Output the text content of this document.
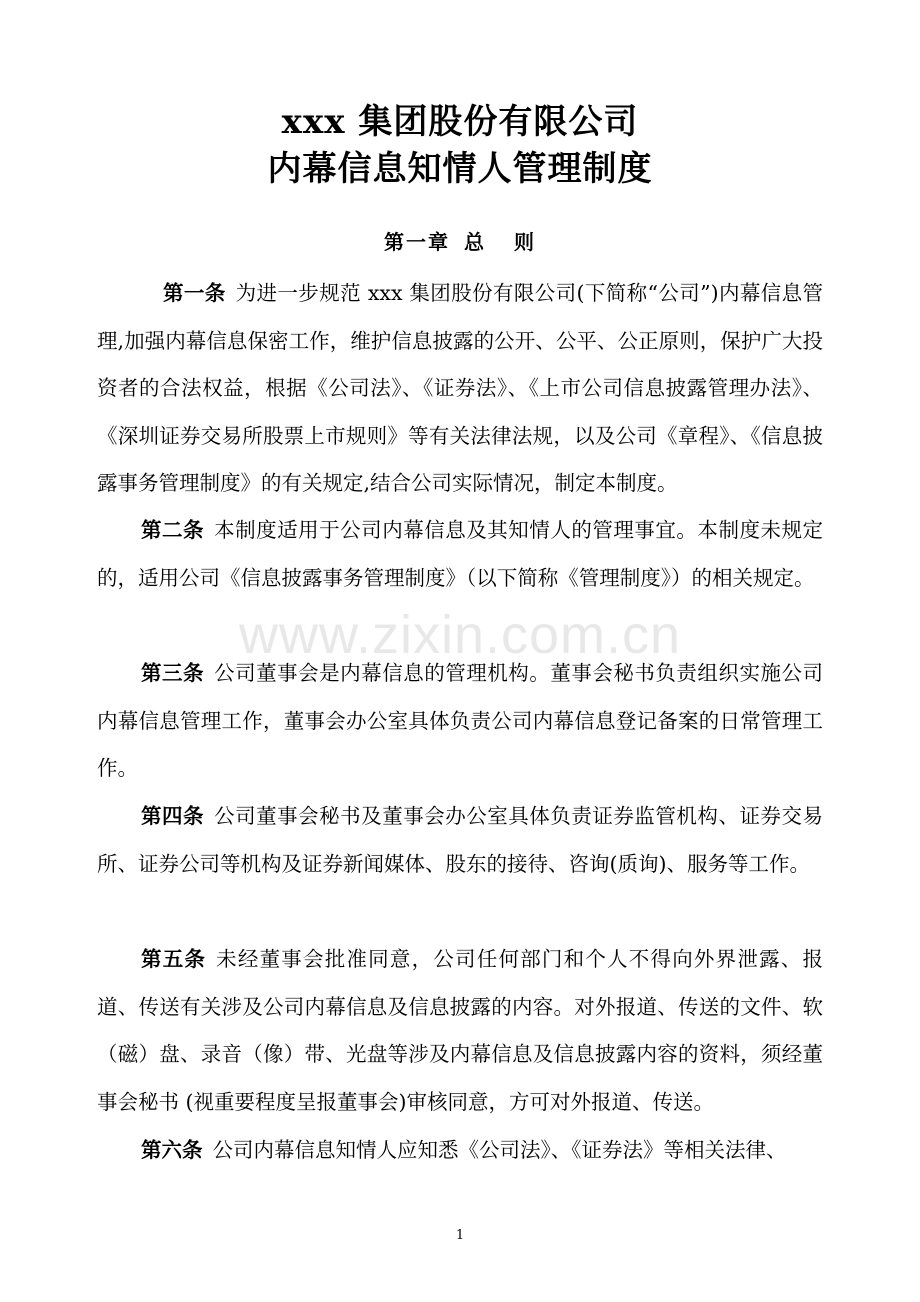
xxx 集团股份有限公司
内幕信息知情人管理制度
第一章 总 则

第一条 为进一步规范 xxx 集团股份有限公司(下简称“公司”)内幕信息管理,加强内幕信息保密工作，维护信息披露的公开、公平、公正原则，保护广大投资者的合法权益，根据《公司法》、《证券法》、《上市公司信息披露管理办法》、《深圳证券交易所股票上市规则》等有关法律法规，以及公司《章程》、《信息披露事务管理制度》的有关规定,结合公司实际情况，制定本制度。

第二条 本制度适用于公司内幕信息及其知情人的管理事宜。本制度未规定的，适用公司《信息披露事务管理制度》（以下简称《管理制度》）的相关规定。

第三条 公司董事会是内幕信息的管理机构。董事会秘书负责组织实施公司内幕信息管理工作，董事会办公室具体负责公司内幕信息登记备案的日常管理工作。

第四条 公司董事会秘书及董事会办公室具体负责证券监管机构、证券交易所、证券公司等机构及证券新闻媒体、股东的接待、咨询(质询)、服务等工作。

第五条 未经董事会批准同意，公司任何部门和个人不得向外界泄露、报道、传送有关涉及公司内幕信息及信息披露的内容。对外报道、传送的文件、软（磁）盘、录音（像）带、光盘等涉及内幕信息及信息披露内容的资料，须经董事会秘书 (视重要程度呈报董事会)审核同意，方可对外报道、传送。

第六条 公司内幕信息知情人应知悉《公司法》、《证券法》等相关法律、

www.zixin.com.cn
1
